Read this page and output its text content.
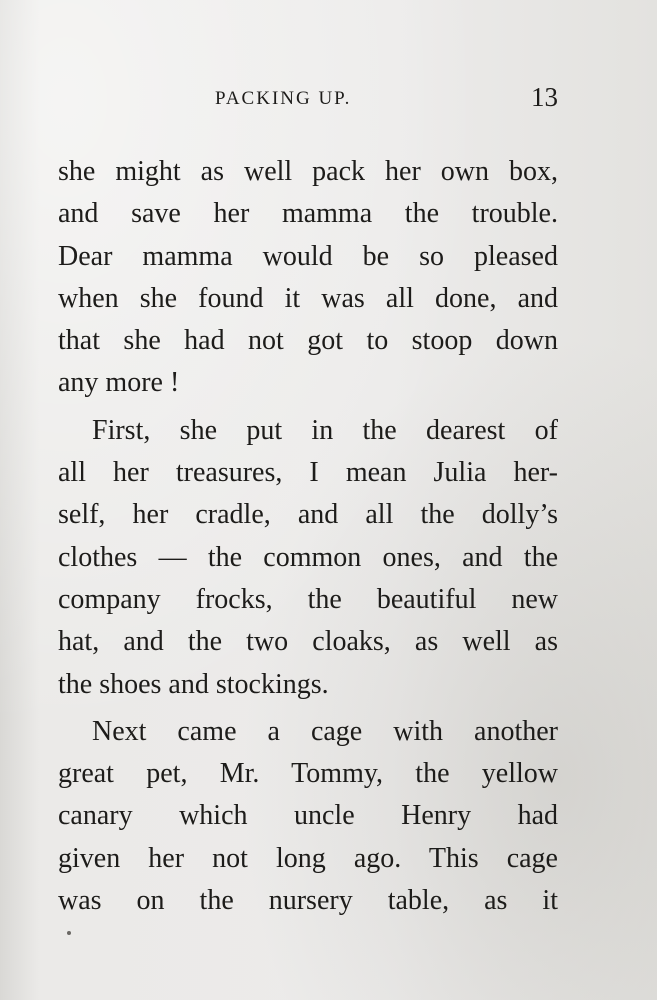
PACKING UP.	13
she might as well pack her own box,
and save her mamma the trouble.
Dear mamma would be so pleased
when she found it was all done, and
that she had not got to stoop down
any more !
First, she put in the dearest of
all her treasures, I mean Julia her-
self, her cradle, and all the dolly’s
clothes — the common ones, and the
company frocks, the beautiful new
hat, and the two cloaks, as well as
the shoes and stockings.
Next came a cage with another
great pet, Mr. Tommy, the yellow
canary which uncle Henry had
given her not long ago. This cage
was on the nursery table, as it
